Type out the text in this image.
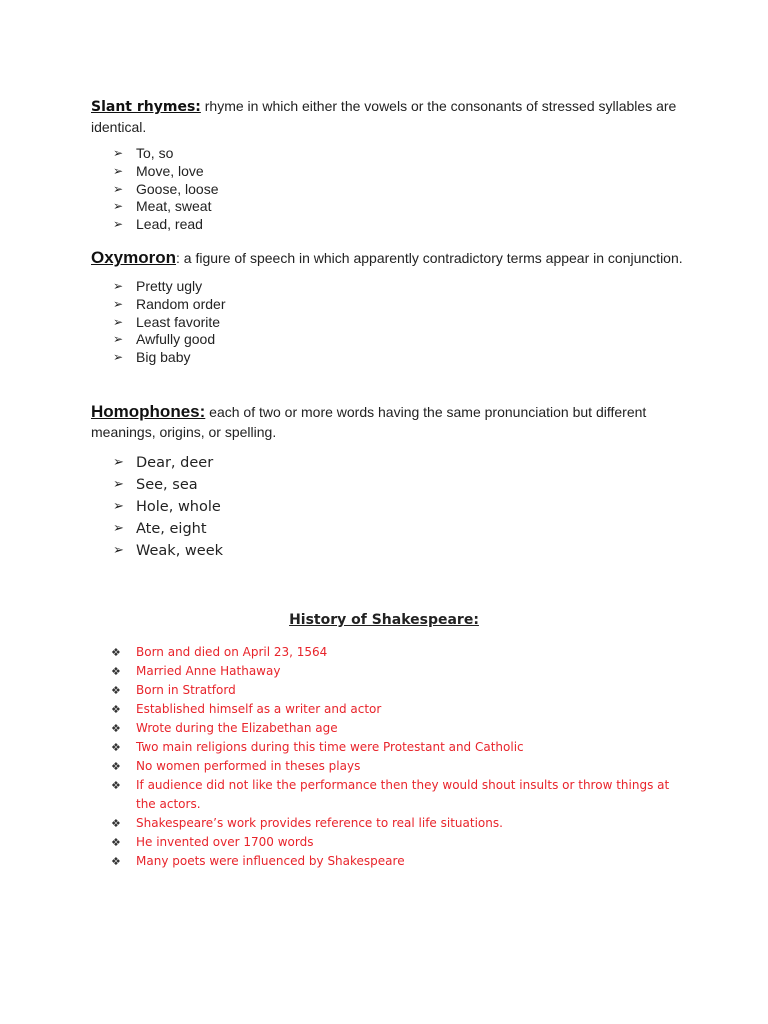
Slant rhymes: rhyme in which either the vowels or the consonants of stressed syllables are identical.

➢ To, so
➢ Move, love
➢ Goose, loose
➢ Meat, sweat
➢ Lead, read

Oxymoron: a figure of speech in which apparently contradictory terms appear in conjunction.

➢ Pretty ugly
➢ Random order
➢ Least favorite
➢ Awfully good
➢ Big baby

Homophones: each of two or more words having the same pronunciation but different meanings, origins, or spelling.

➢ Dear, deer
➢ See, sea
➢ Hole, whole
➢ Ate, eight
➢ Weak, week
History of Shakespeare:
❖ Born and died on April 23, 1564
❖ Married Anne Hathaway
❖ Born in Stratford
❖ Established himself as a writer and actor
❖ Wrote during the Elizabethan age
❖ Two main religions during this time were Protestant and Catholic
❖ No women performed in theses plays
❖ If audience did not like the performance then they would shout insults or throw things at the actors.
❖ Shakespeare’s work provides reference to real life situations.
❖ He invented over 1700 words
❖ Many poets were influenced by Shakespeare
